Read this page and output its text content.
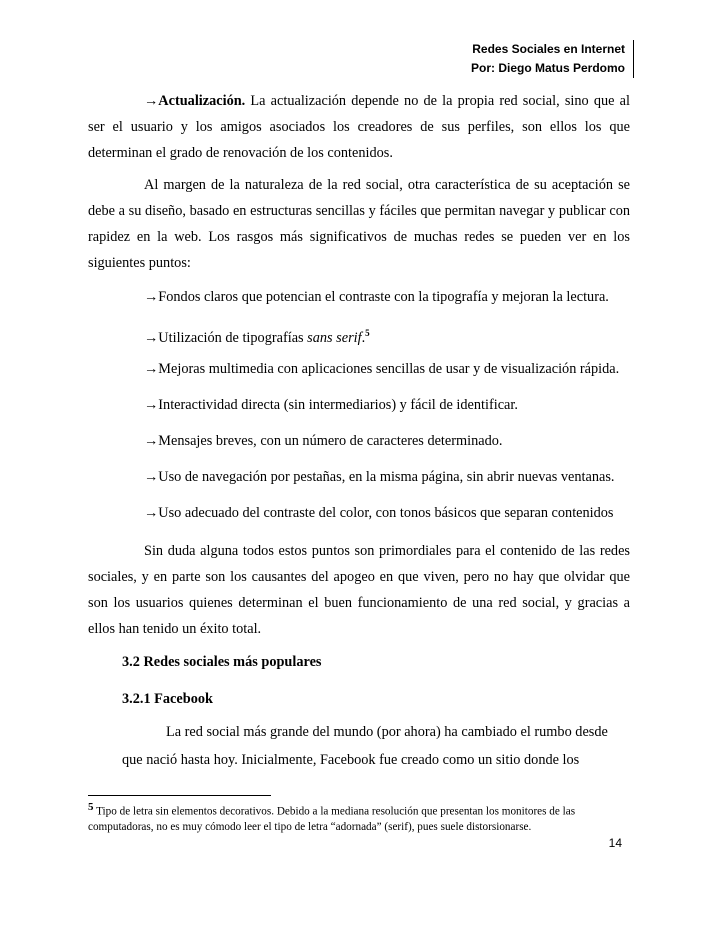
Redes Sociales en Internet
Por: Diego Matus Perdomo

→Actualización. La actualización depende no de la propia red social, sino que al ser el usuario y los amigos asociados los creadores de sus perfiles, son ellos los que determinan el grado de renovación de los contenidos.

Al margen de la naturaleza de la red social, otra característica de su aceptación se debe a su diseño, basado en estructuras sencillas y fáciles que permitan navegar y publicar con rapidez en la web. Los rasgos más significativos de muchas redes se pueden ver en los siguientes puntos:

→Fondos claros que potencian el contraste con la tipografía y mejoran la lectura.
→Utilización de tipografías sans serif.$^5$
→Mejoras multimedia con aplicaciones sencillas de usar y de visualización rápida.
→Interactividad directa (sin intermediarios) y fácil de identificar.
→Mensajes breves, con un número de caracteres determinado.
→Uso de navegación por pestañas, en la misma página, sin abrir nuevas ventanas.
→Uso adecuado del contraste del color, con tonos básicos que separan contenidos

Sin duda alguna todos estos puntos son primordiales para el contenido de las redes sociales, y en parte son los causantes del apogeo en que viven, pero no hay que olvidar que son los usuarios quienes determinan el buen funcionamiento de una red social, y gracias a ellos han tenido un éxito total.

3.2 Redes sociales más populares
3.2.1 Facebook
La red social más grande del mundo (por ahora) ha cambiado el rumbo desde
que nació hasta hoy. Inicialmente, Facebook fue creado como un sitio donde los

$^5$ Tipo de letra sin elementos decorativos. Debido a la mediana resolución que presentan los monitores de las computadoras, no es muy cómodo leer el tipo de letra “adornada” (serif), pues suele distorsionarse.

14
